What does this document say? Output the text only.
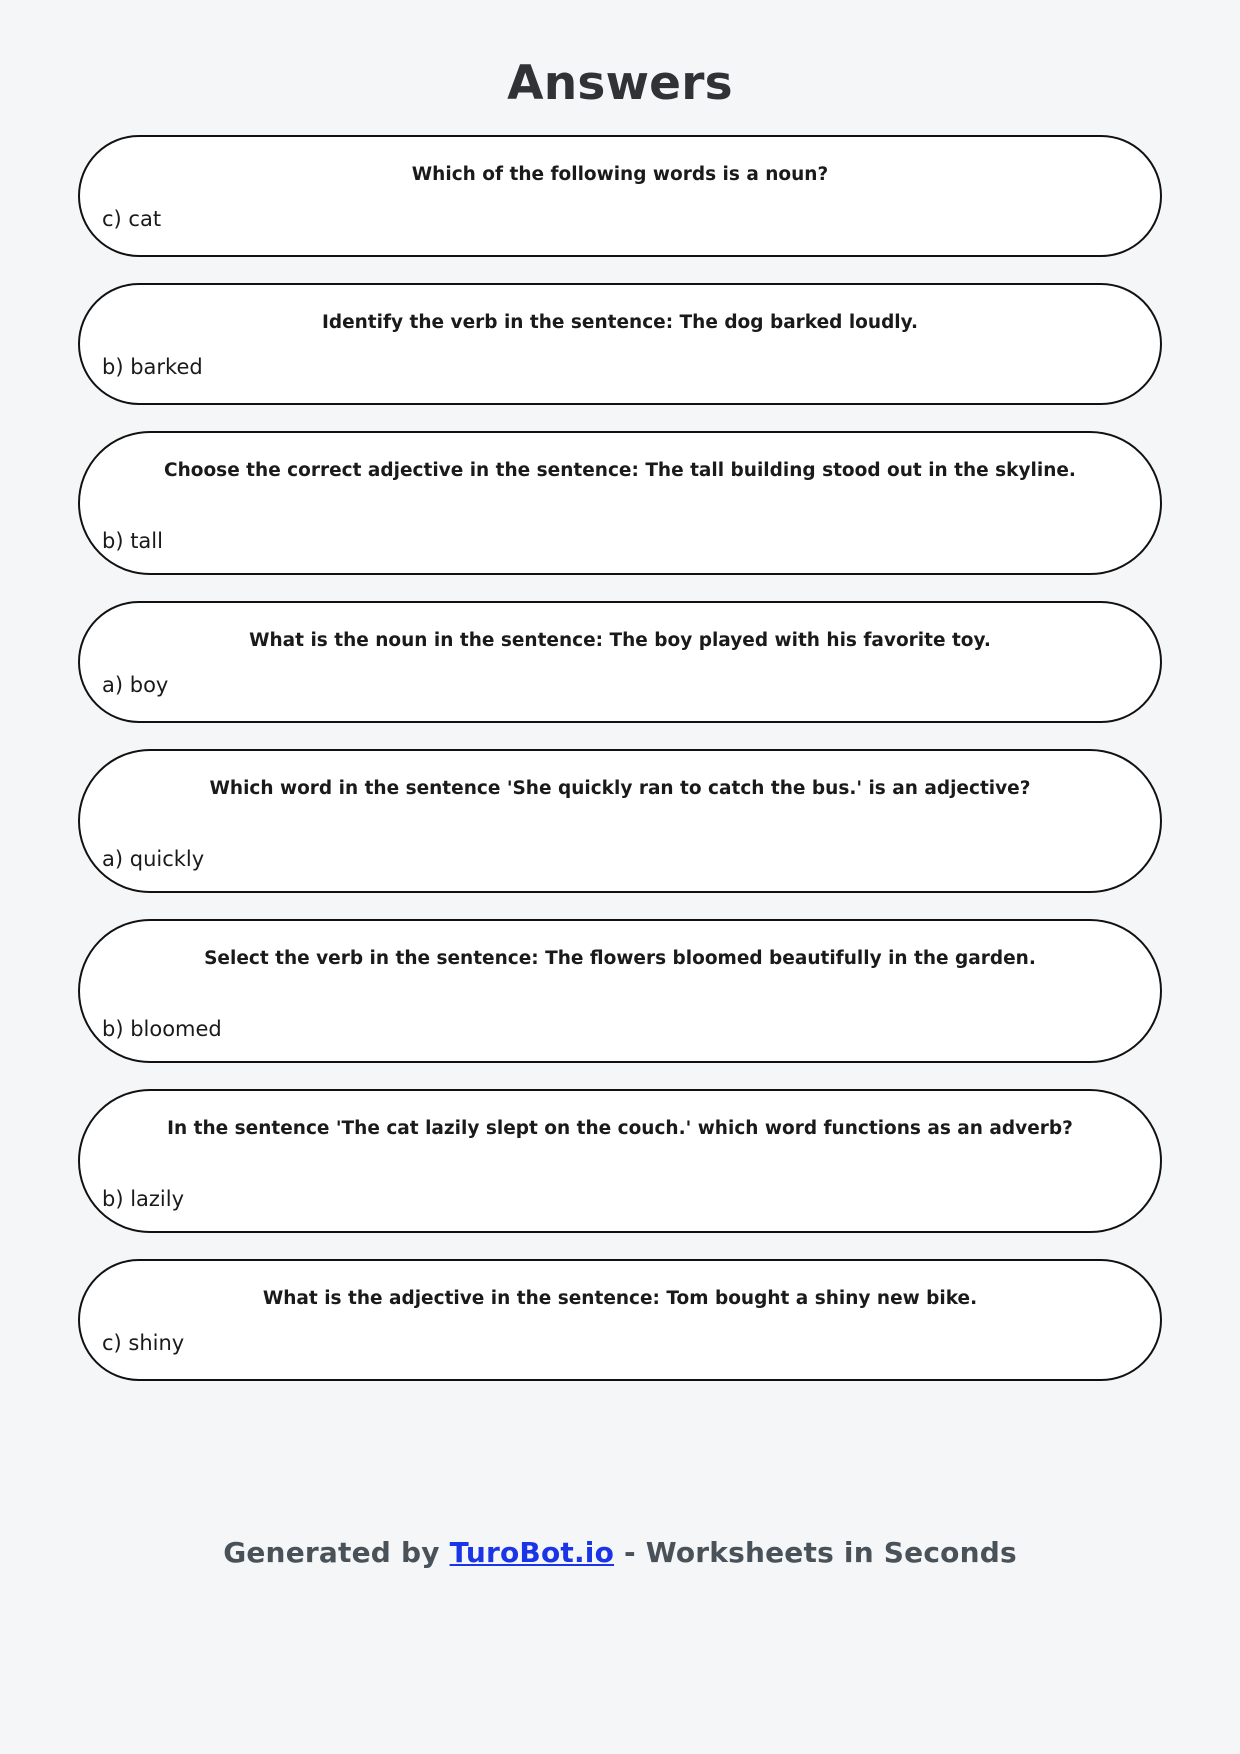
Answers
Which of the following words is a noun?
c) cat
Identify the verb in the sentence: The dog barked loudly.
b) barked
Choose the correct adjective in the sentence: The tall building stood out in the skyline.
b) tall
What is the noun in the sentence: The boy played with his favorite toy.
a) boy
Which word in the sentence 'She quickly ran to catch the bus.' is an adjective?
a) quickly
Select the verb in the sentence: The flowers bloomed beautifully in the garden.
b) bloomed
In the sentence 'The cat lazily slept on the couch.' which word functions as an adverb?
b) lazily
What is the adjective in the sentence: Tom bought a shiny new bike.
c) shiny
Generated by TuroBot.io - Worksheets in Seconds
